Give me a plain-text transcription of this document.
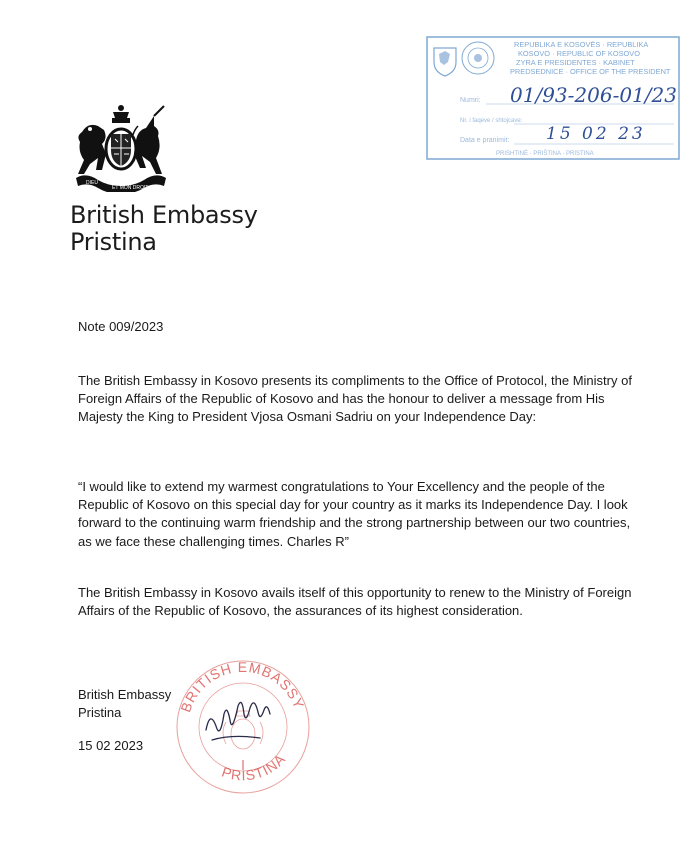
DIEU
ET MON DROIT
British Embassy
Pristina
REPUBLIKA E KOSOVËS · REPUBLIKA
KOSOVO · REPUBLIC OF KOSOVO
ZYRA E PRESIDENTES · KABINET
PREDSEDNICE · OFFICE OF THE PRESIDENT
Numri:
Nr. i faqeve / shtojcave:
Data e pranimit:
PRISHTINË · PRIŠTINA · PRISTINA
01/93-206-01/23
15 02 23
Note 009/2023
The British Embassy in Kosovo presents its compliments to the Office of Protocol, the Ministry of Foreign Affairs of the Republic of Kosovo and has the honour to deliver a message from His Majesty the King to President Vjosa Osmani Sadriu on your Independence Day:
“I would like to extend my warmest congratulations to Your Excellency and the people of the Republic of Kosovo on this special day for your country as it marks its Independence Day. I look forward to the continuing warm friendship and the strong partnership between our two countries, as we face these challenging times. Charles R”
The British Embassy in Kosovo avails itself of this opportunity to renew to the Ministry of Foreign Affairs of the Republic of Kosovo, the assurances of its highest consideration.
BRITISH EMBASSY
PRISTINA
British Embassy
Pristina
15 02 2023
